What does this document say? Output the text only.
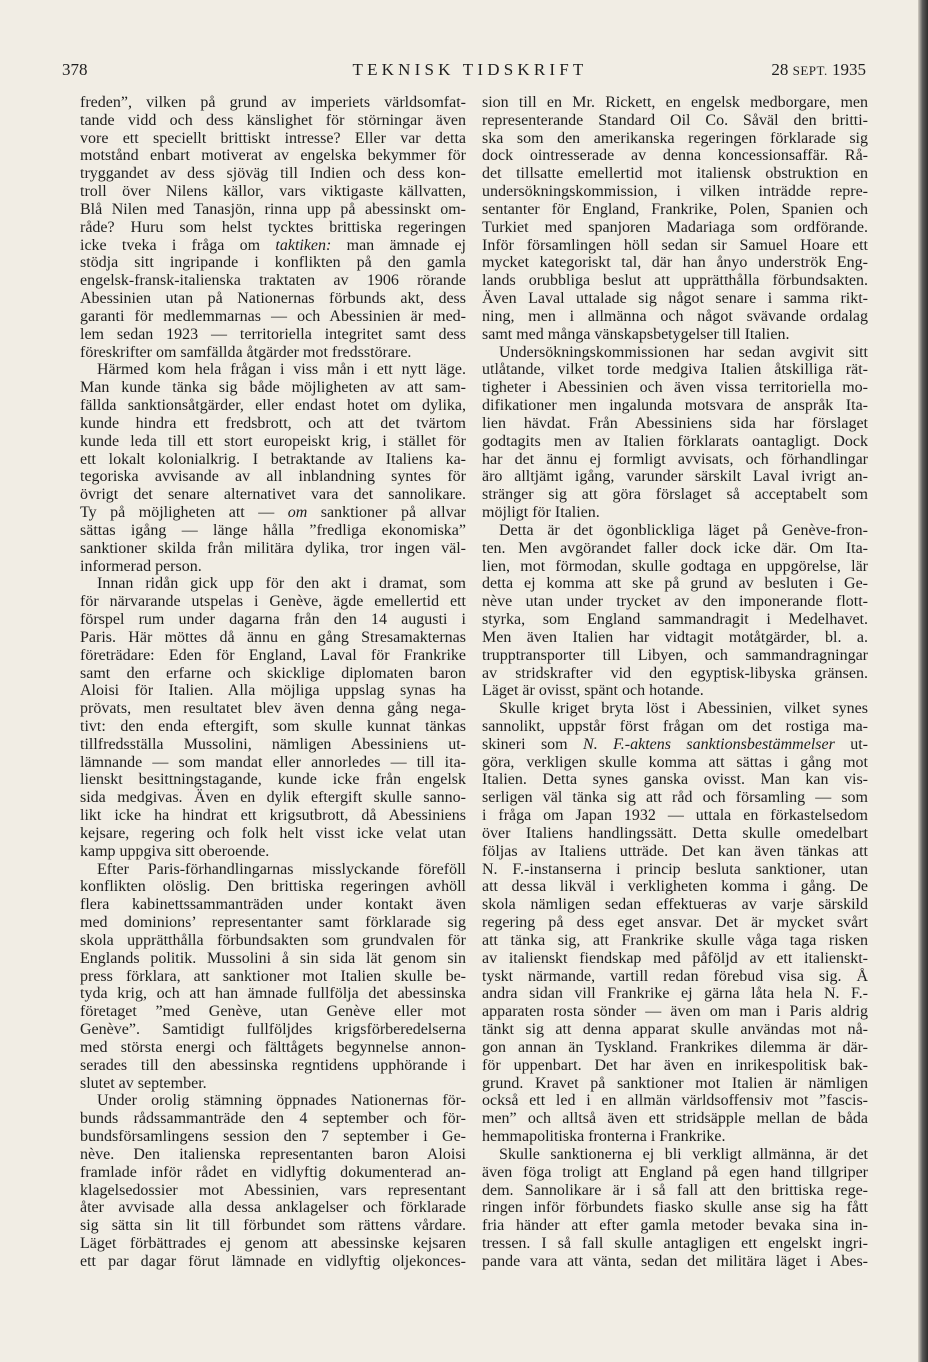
378	TEKNISK TIDSKRIFT	28 SEPT. 1935
freden”, vilken på grund av imperiets världsomfat-
tande vidd och dess känslighet för störningar även
vore ett speciellt brittiskt intresse? Eller var detta
motstånd enbart motiverat av engelska bekymmer för
tryggandet av dess sjöväg till Indien och dess kon-
troll över Nilens källor, vars viktigaste källvatten,
Blå Nilen med Tanasjön, rinna upp på abessinskt om-
råde? Huru som helst tycktes brittiska regeringen
icke tveka i fråga om taktiken: man ämnade ej
stödja sitt ingripande i konflikten på den gamla
engelsk-fransk-italienska traktaten av 1906 rörande
Abessinien utan på Nationernas förbunds akt, dess
garanti för medlemmarnas — och Abessinien är med-
lem sedan 1923 — territoriella integritet samt dess
föreskrifter om samfällda åtgärder mot fredsstörare.
Härmed kom hela frågan i viss mån i ett nytt läge.
Man kunde tänka sig både möjligheten av att sam-
fällda sanktionsåtgärder, eller endast hotet om dylika,
kunde hindra ett fredsbrott, och att det tvärtom
kunde leda till ett stort europeiskt krig, i stället för
ett lokalt kolonialkrig. I betraktande av Italiens ka-
tegoriska avvisande av all inblandning syntes för
övrigt det senare alternativet vara det sannolikare.
Ty på möjligheten att — om sanktioner på allvar
sättas igång — länge hålla ”fredliga ekonomiska”
sanktioner skilda från militära dylika, tror ingen väl-
informerad person.
Innan ridån gick upp för den akt i dramat, som
för närvarande utspelas i Genève, ägde emellertid ett
förspel rum under dagarna från den 14 augusti i
Paris. Här möttes då ännu en gång Stresamakternas
företrädare: Eden för England, Laval för Frankrike
samt den erfarne och skicklige diplomaten baron
Aloisi för Italien. Alla möjliga uppslag synas ha
prövats, men resultatet blev även denna gång nega-
tivt: den enda eftergift, som skulle kunnat tänkas
tillfredsställa Mussolini, nämligen Abessiniens ut-
lämnande — som mandat eller annorledes — till ita-
lienskt besittningstagande, kunde icke från engelsk
sida medgivas. Även en dylik eftergift skulle sanno-
likt icke ha hindrat ett krigsutbrott, då Abessiniens
kejsare, regering och folk helt visst icke velat utan
kamp uppgiva sitt oberoende.
Efter Paris-förhandlingarnas misslyckande föreföll
konflikten olöslig. Den brittiska regeringen avhöll
flera kabinettssammanträden under kontakt även
med dominions’ representanter samt förklarade sig
skola upprätthålla förbundsakten som grundvalen för
Englands politik. Mussolini å sin sida lät genom sin
press förklara, att sanktioner mot Italien skulle be-
tyda krig, och att han ämnade fullfölja det abessinska
företaget ”med Genève, utan Genève eller mot
Genève”. Samtidigt fullföljdes krigsförberedelserna
med största energi och fälttågets begynnelse annon-
serades till den abessinska regntidens upphörande i
slutet av september.
Under orolig stämning öppnades Nationernas för-
bunds rådssammanträde den 4 september och för-
bundsförsamlingens session den 7 september i Ge-
nève. Den italienska representanten baron Aloisi
framlade inför rådet en vidlyftig dokumenterad an-
klagelsedossier mot Abessinien, vars representant
åter avvisade alla dessa anklagelser och förklarade
sig sätta sin lit till förbundet som rättens vårdare.
Läget förbättrades ej genom att abessinske kejsaren
ett par dagar förut lämnade en vidlyftig oljekonces-
sion till en Mr. Rickett, en engelsk medborgare, men
representerande Standard Oil Co. Såväl den britti-
ska som den amerikanska regeringen förklarade sig
dock ointresserade av denna koncessionsaffär. Rå-
det tillsatte emellertid mot italiensk obstruktion en
undersökningskommission, i vilken inträdde repre-
sentanter för England, Frankrike, Polen, Spanien och
Turkiet med spanjoren Madariaga som ordförande.
Inför församlingen höll sedan sir Samuel Hoare ett
mycket kategoriskt tal, där han ånyo underströk Eng-
lands orubbliga beslut att upprätthålla förbundsakten.
Även Laval uttalade sig något senare i samma rikt-
ning, men i allmänna och något svävande ordalag
samt med många vänskapsbetygelser till Italien.
Undersökningskommissionen har sedan avgivit sitt
utlåtande, vilket torde medgiva Italien åtskilliga rät-
tigheter i Abessinien och även vissa territoriella mo-
difikationer men ingalunda motsvara de anspråk Ita-
lien hävdat. Från Abessiniens sida har förslaget
godtagits men av Italien förklarats oantagligt. Dock
har det ännu ej formligt avvisats, och förhandlingar
äro alltjämt igång, varunder särskilt Laval ivrigt an-
stränger sig att göra förslaget så acceptabelt som
möjligt för Italien.
Detta är det ögonblickliga läget på Genève-fron-
ten. Men avgörandet faller dock icke där. Om Ita-
lien, mot förmodan, skulle godtaga en uppgörelse, lär
detta ej komma att ske på grund av besluten i Ge-
nève utan under trycket av den imponerande flott-
styrka, som England sammandragit i Medelhavet.
Men även Italien har vidtagit motåtgärder, bl. a.
trupptransporter till Libyen, och sammandragningar
av stridskrafter vid den egyptisk-libyska gränsen.
Läget är ovisst, spänt och hotande.
Skulle kriget bryta löst i Abessinien, vilket synes
sannolikt, uppstår först frågan om det rostiga ma-
skineri som N. F.-aktens sanktionsbestämmelser ut-
göra, verkligen skulle komma att sättas i gång mot
Italien. Detta synes ganska ovisst. Man kan vis-
serligen väl tänka sig att råd och församling — som
i fråga om Japan 1932 — uttala en förkastelsedom
över Italiens handlingssätt. Detta skulle omedelbart
följas av Italiens utträde. Det kan även tänkas att
N. F.-instanserna i princip besluta sanktioner, utan
att dessa likväl i verkligheten komma i gång. De
skola nämligen sedan effektueras av varje särskild
regering på dess eget ansvar. Det är mycket svårt
att tänka sig, att Frankrike skulle våga taga risken
av italienskt fiendskap med påföljd av ett italienskt-
tyskt närmande, vartill redan förebud visa sig. Å
andra sidan vill Frankrike ej gärna låta hela N. F.-
apparaten rosta sönder — även om man i Paris aldrig
tänkt sig att denna apparat skulle användas mot nå-
gon annan än Tyskland. Frankrikes dilemma är där-
för uppenbart. Det har även en inrikespolitisk bak-
grund. Kravet på sanktioner mot Italien är nämligen
också ett led i en allmän världsoffensiv mot ”fascis-
men” och alltså även ett stridsäpple mellan de båda
hemmapolitiska fronterna i Frankrike.
Skulle sanktionerna ej bli verkligt allmänna, är det
även föga troligt att England på egen hand tillgriper
dem. Sannolikare är i så fall att den brittiska rege-
ringen inför förbundets fiasko skulle anse sig ha fått
fria händer att efter gamla metoder bevaka sina in-
tressen. I så fall skulle antagligen ett engelskt ingri-
pande vara att vänta, sedan det militära läget i Abes-
